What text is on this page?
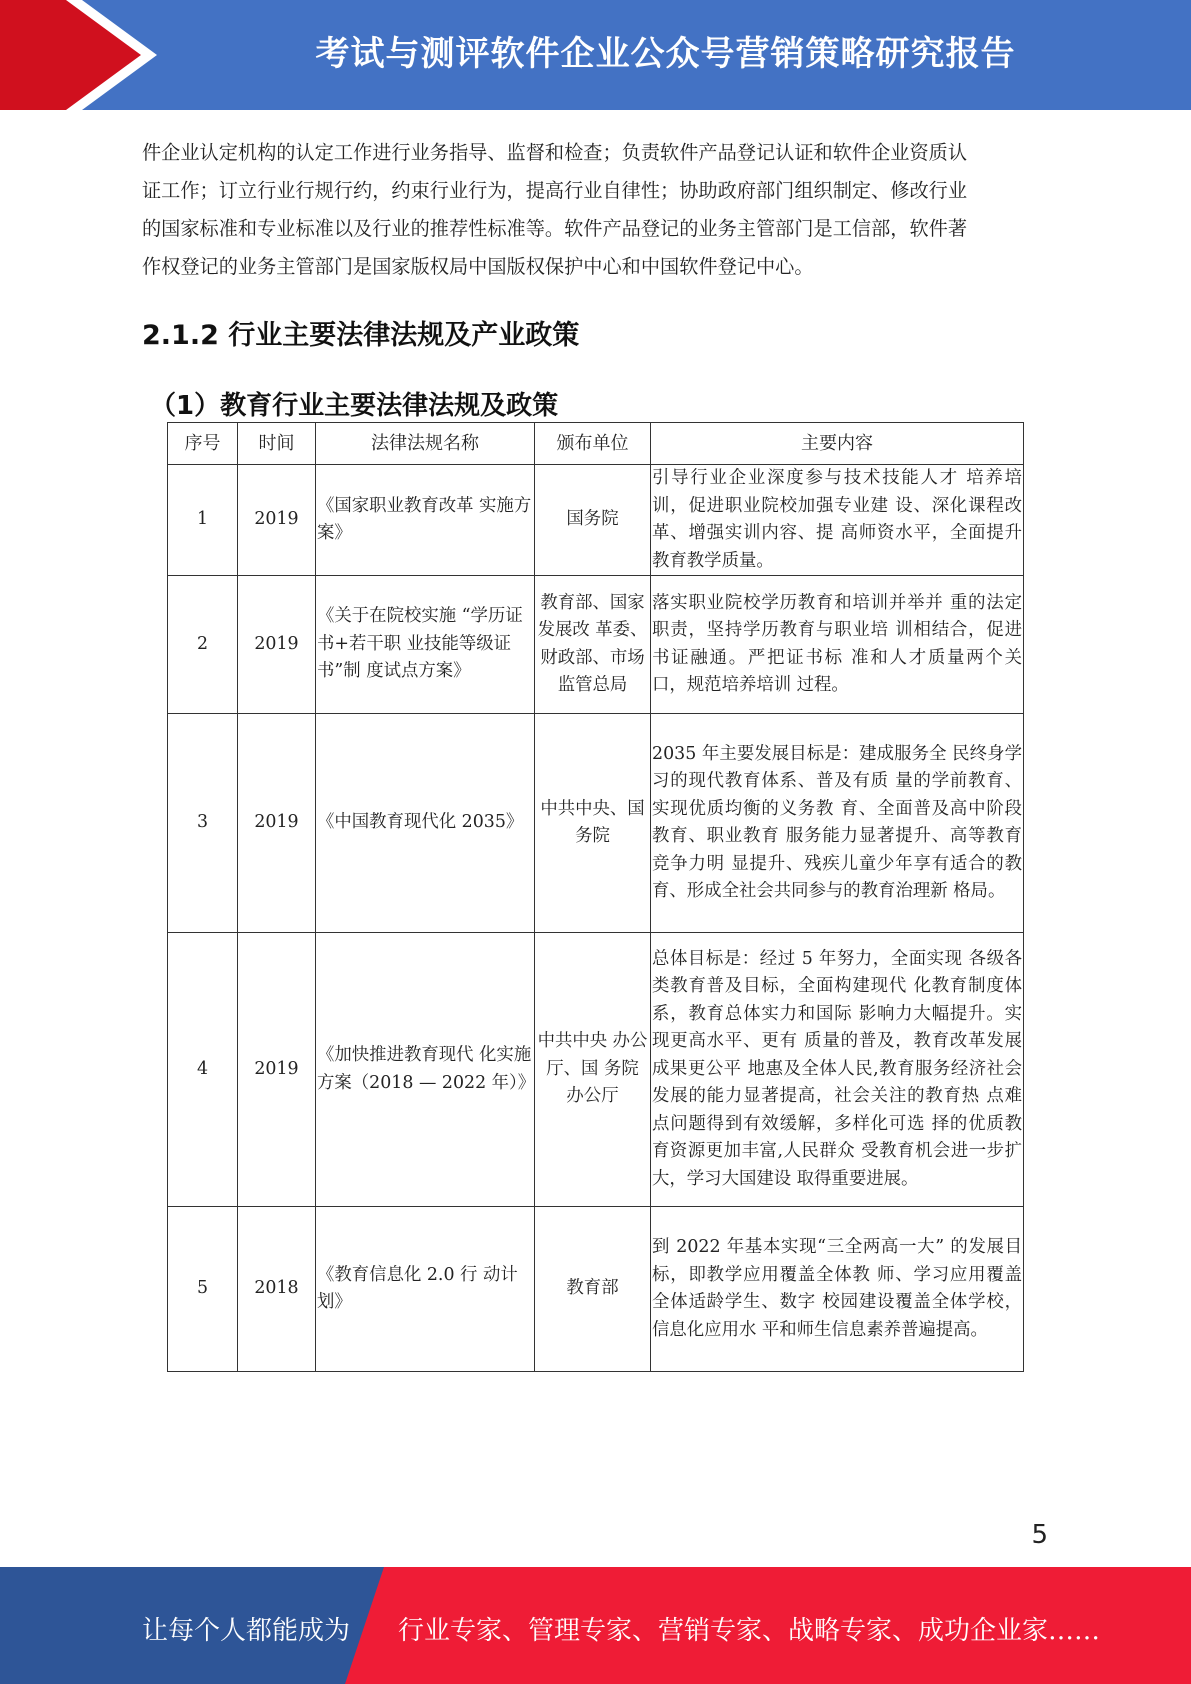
考试与测评软件企业公众号营销策略研究报告
件企业认定机构的认定工作进行业务指导、监督和检查；负责软件产品登记认证和软件企业资质认
证工作；订立行业行规行约，约束行业行为，提高行业自律性；协助政府部门组织制定、修改行业
的国家标准和专业标准以及行业的推荐性标准等。软件产品登记的业务主管部门是工信部，软件著
作权登记的业务主管部门是国家版权局中国版权保护中心和中国软件登记中心。
2.1.2 行业主要法律法规及产业政策
（1）教育行业主要法律法规及政策
序号	时间	法律法规名称	颁布单位	主要内容
1	2019	《国家职业教育改革 实施方案》	国务院	引导行业企业深度参与技术技能人才 培养培训，促进职业院校加强专业建 设、深化课程改革、增强实训内容、提 高师资水平，全面提升教育教学质量。
2	2019	《关于在院校实施 “学历证书+若干职 业技能等级证书”制 度试点方案》	教育部、国家发展改 革委、财政部、市场监管总局	落实职业院校学历教育和培训并举并 重的法定职责，坚持学历教育与职业培 训相结合，促进书证融通。严把证书标 准和人才质量两个关口，规范培养培训 过程。
3	2019	《中国教育现代化 2035》	中共中央、国务院	2035 年主要发展目标是：建成服务全 民终身学习的现代教育体系、普及有质 量的学前教育、实现优质均衡的义务教 育、全面普及高中阶段教育、职业教育 服务能力显著提升、高等教育竞争力明 显提升、残疾儿童少年享有适合的教 育、形成全社会共同参与的教育治理新 格局。
4	2019	《加快推进教育现代 化实施方案（2018 — 2022 年）》	中共中央 办公厅、国 务院 办公厅	总体目标是：经过 5 年努力，全面实现 各级各类教育普及目标，全面构建现代 化教育制度体系，教育总体实力和国际 影响力大幅提升。实现更高水平、更有 质量的普及，教育改革发展成果更公平 地惠及全体人民,教育服务经济社会发展的能力显著提高，社会关注的教育热 点难点问题得到有效缓解，多样化可选 择的优质教育资源更加丰富,人民群众 受教育机会进一步扩大，学习大国建设 取得重要进展。
5	2018	《教育信息化 2.0 行 动计划》	教育部	到 2022 年基本实现“三全两高一大” 的发展目标，即教学应用覆盖全体教 师、学习应用覆盖全体适龄学生、数字 校园建设覆盖全体学校，信息化应用水 平和师生信息素养普遍提高。
5
让每个人都能成为 行业专家、管理专家、营销专家、战略专家、成功企业家……
